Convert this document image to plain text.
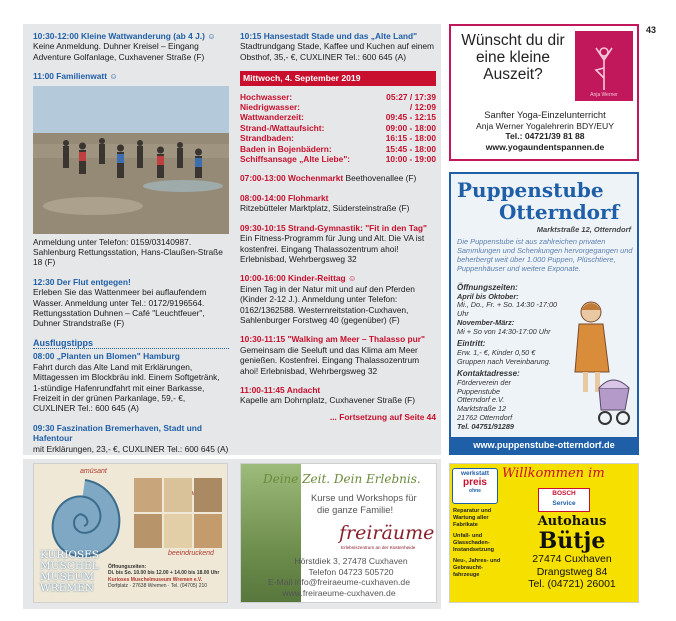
43
10:30-12:00 Kleine Wattwanderung (ab 4 J.) ☺
Keine Anmeldung. Duhner Kreisel – Eingang Adventure Golfanlage, Cuxhavener Straße (F)
11:00 Familienwatt ☺
Anmeldung unter Telefon: 0159/03140987. Sahlenburg Rettungsstation, Hans-Claußen-Straße 18 (F)
12:30 Der Flut entgegen!
Erleben Sie das Wattenmeer bei auflaufendem Wasser. Anmeldung unter Tel.: 0172/9196564. Rettungsstation Duhnen – Café "Leuchtfeuer", Duhner Strandstraße (F)
Ausflugstipps
08:00 „Planten un Blomen" Hamburg
Fahrt durch das Alte Land mit Erklärungen, Mittagessen im Blockbräu inkl. Einem Softgetränk, 1-stündige Hafenrundfahrt mit einer Barkasse, Freizeit in der grünen Parkanlage, 59,- €, CUXLINER Tel.: 600 645 (A)
09:30 Faszination Bremerhaven, Stadt und Hafentour
mit Erklärungen, 23,- €, CUXLINER Tel.: 600 645 (A)
10:15 Hansestadt Stade und das „Alte Land"
Stadtrundgang Stade, Kaffee und Kuchen auf einem Obsthof, 35,- €, CUXLINER Tel.: 600 645 (A)
Mittwoch, 4. September 2019
Hochwasser:	05:27 / 17:39
Niedrigwasser:	/ 12:09
Wattwanderzeit:	09:45 - 12:15
Strand-/Wattaufsicht:	09:00 - 18:00
Strandbaden:	16:15 - 18:00
Baden in Bojenbädern:	15:45 - 18:00
Schiffsansage „Alte Liebe":	10:00 - 19:00
07:00-13:00 Wochenmarkt Beethovenallee (F)
08:00-14:00 Flohmarkt
Ritzebütteler Marktplatz, Südersteinstraße (F)
09:30-10:15 Strand-Gymnastik: "Fit in den Tag"
Ein Fitness-Programm für Jung und Alt. Die VA ist kostenfrei. Eingang Thalassozentrum ahoi! Erlebnisbad, Wehrbergsweg 32
10:00-16:00 Kinder-Reittag ☺
Einen Tag in der Natur mit und auf den Pferden (Kinder 2-12 J.). Anmeldung unter Telefon: 0162/1362588. Westernreitstation-Cuxhaven, Sahlenburger Forstweg 40 (gegenüber) (F)
10:30-11:15 "Walking am Meer – Thalasso pur"
Gemeinsam die Seeluft und das Klima am Meer genießen. Kostenfrei. Eingang Thalassozentrum ahoi! Erlebnisbad, Wehrbergsweg 32
11:00-11:45 Andacht
Kapelle am Dohrnplatz, Cuxhavener Straße (F)
... Fortsetzung auf Seite 44
Wünscht du dir eine kleine Auszeit?
Anja Werner
Sanfter Yoga-Einzelunterricht
Anja Werner Yogalehrerin BDY/EUY
Tel.: 04721/39 81 88
www.yogaundentspannen.de
Puppenstube
Otterndorf
Marktstraße 12, Otterndorf
Die Puppenstube ist aus zahlreichen privaten Sammlungen und Schenkungen hervorgegangen und beherbergt weit über 1.000 Puppen, Plüschtiere, Puppenhäuser und weitere Exponate.
Öffnungszeiten:
April bis Oktober:
Mi., Do., Fr. + So. 14:30 -17:00 Uhr
November-März:
Mi + So von 14:30-17:00 Uhr
Eintritt:
Erw. 1,- €, Kinder 0,50 €
Gruppen nach Vereinbarung.
Kontaktadresse:
Förderverein der
Puppenstube
Otterndorf e.V.
Marktstraße 12
21762 Otterndorf
Tel. 04751/91289
www.puppenstube-otterndorf.de
amüsant
beeindruckend
KURIOSES
MUSCHEL
MUSEUM
WREMEN
Öffnungszeiten:
Di. bis So. 10.00 bis 12.00 + 14.00 bis 18.00 Uhr
Kurioses Muschelmuseum Wremen e.V.
Dorfplatz · 27638 Wremen · Tel. (04705) 210
Deine Zeit. Dein Erlebnis.
Kurse und Workshops für
die ganze Familie!
freiräume
Erlebniszentrum an der Küstenheide
Hörstdiek 3, 27478 Cuxhaven
Telefon 04723 505720
E-Mail info@freiraeume-cuxhaven.de
www.freiraeume-cuxhaven.de
Willkommen im
werkstatt
preis
ohne	BOSCH
Service
Reparatur und Wartung aller Fabrikate
Unfall- und Glasschaden-Instandsetzung
Neu-, Jahres- und Gebraucht-fahrzeuge
Autohaus
Bütje
27474 Cuxhaven
Drangstweg 84
Tel. (04721) 26001
